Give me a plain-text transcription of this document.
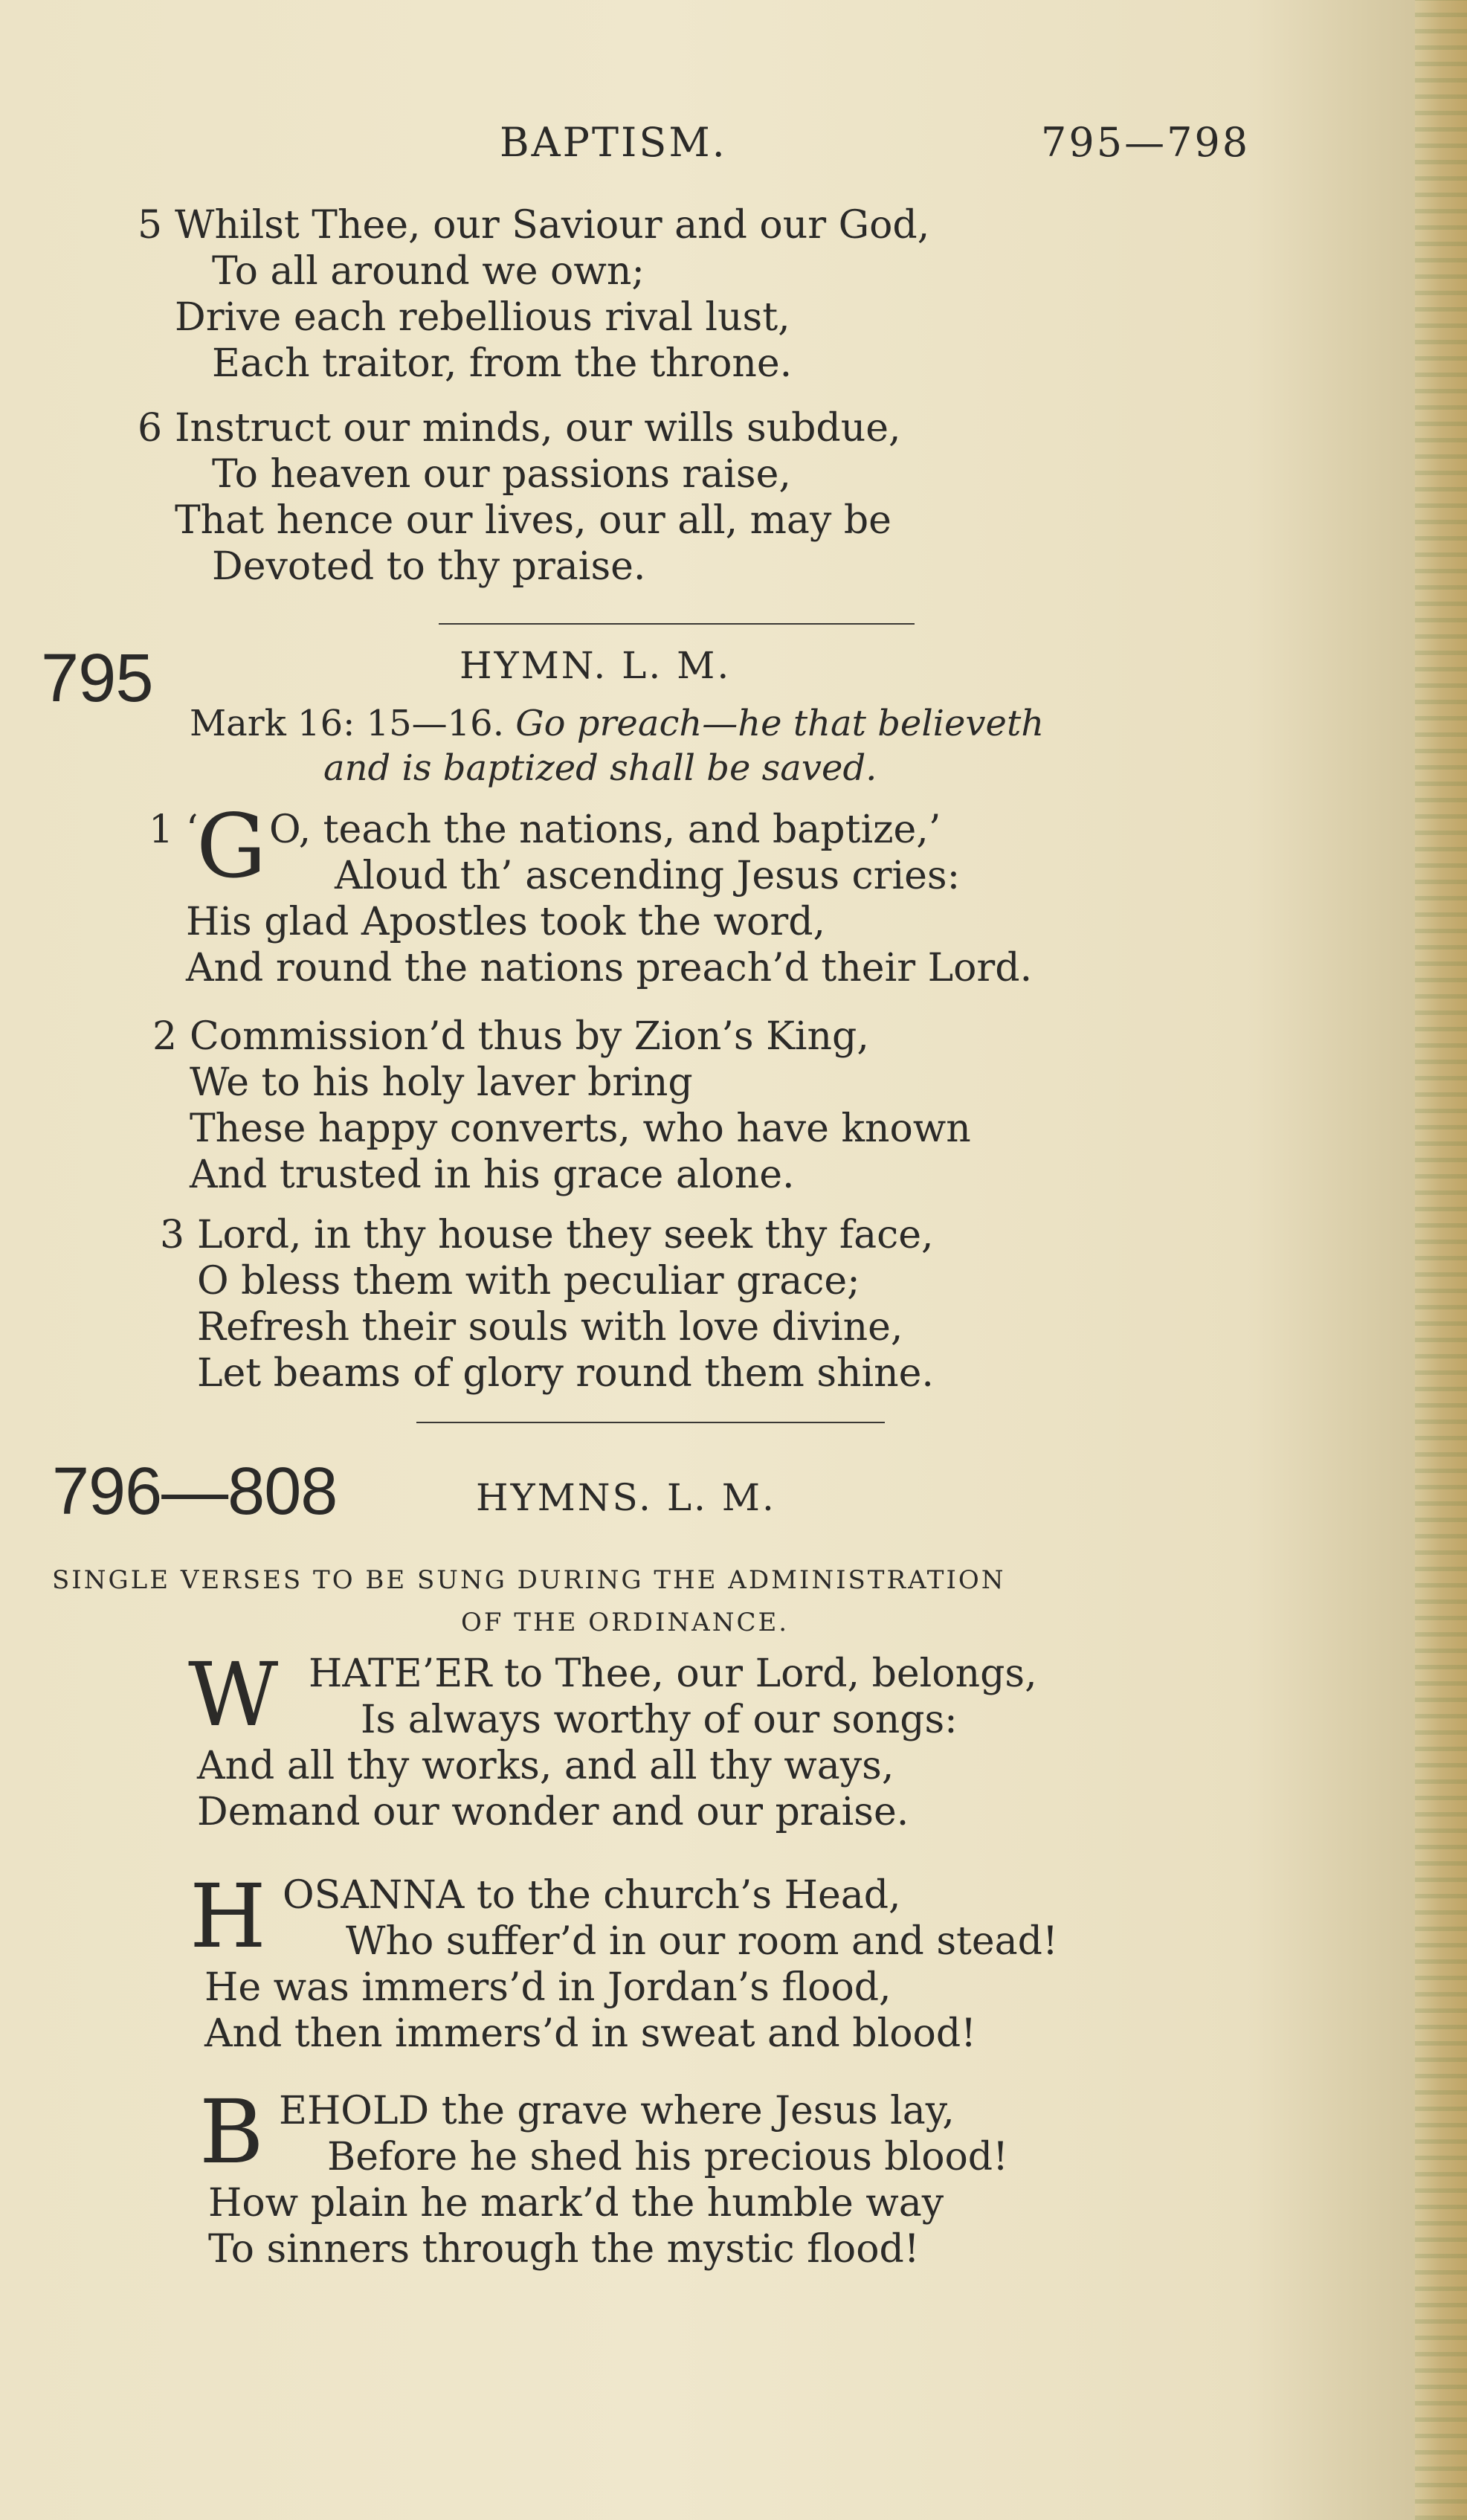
BAPTISM.	795—798
5 Whilst Thee, our Saviour and our God,
To all around we own;
Drive each rebellious rival lust,
Each traitor, from the throne.
6 Instruct our minds, our wills subdue,
To heaven our passions raise,
That hence our lives, our all, may be
Devoted to thy praise.
795	HYMN. L. M.
Mark 16: 15—16. Go preach—he that believeth
and is baptized shall be saved.
1 ‘
G O, teach the nations, and baptize,’
Aloud th’ ascending Jesus cries:
His glad Apostles took the word,
And round the nations preach’d their Lord.
2 Commission’d thus by Zion’s King,
We to his holy laver bring
These happy converts, who have known
And trusted in his grace alone.
3 Lord, in thy house they seek thy face,
O bless them with peculiar grace;
Refresh their souls with love divine,
Let beams of glory round them shine.
796—808	HYMNS. L. M.
SINGLE VERSES TO BE SUNG DURING THE ADMINISTRATION
OF THE ORDINANCE.
W HATE’ER to Thee, our Lord, belongs,
Is always worthy of our songs:
And all thy works, and all thy ways,
Demand our wonder and our praise.
H OSANNA to the church’s Head,
Who suffer’d in our room and stead!
He was immers’d in Jordan’s flood,
And then immers’d in sweat and blood!
B EHOLD the grave where Jesus lay,
Before he shed his precious blood!
How plain he mark’d the humble way
To sinners through the mystic flood!
